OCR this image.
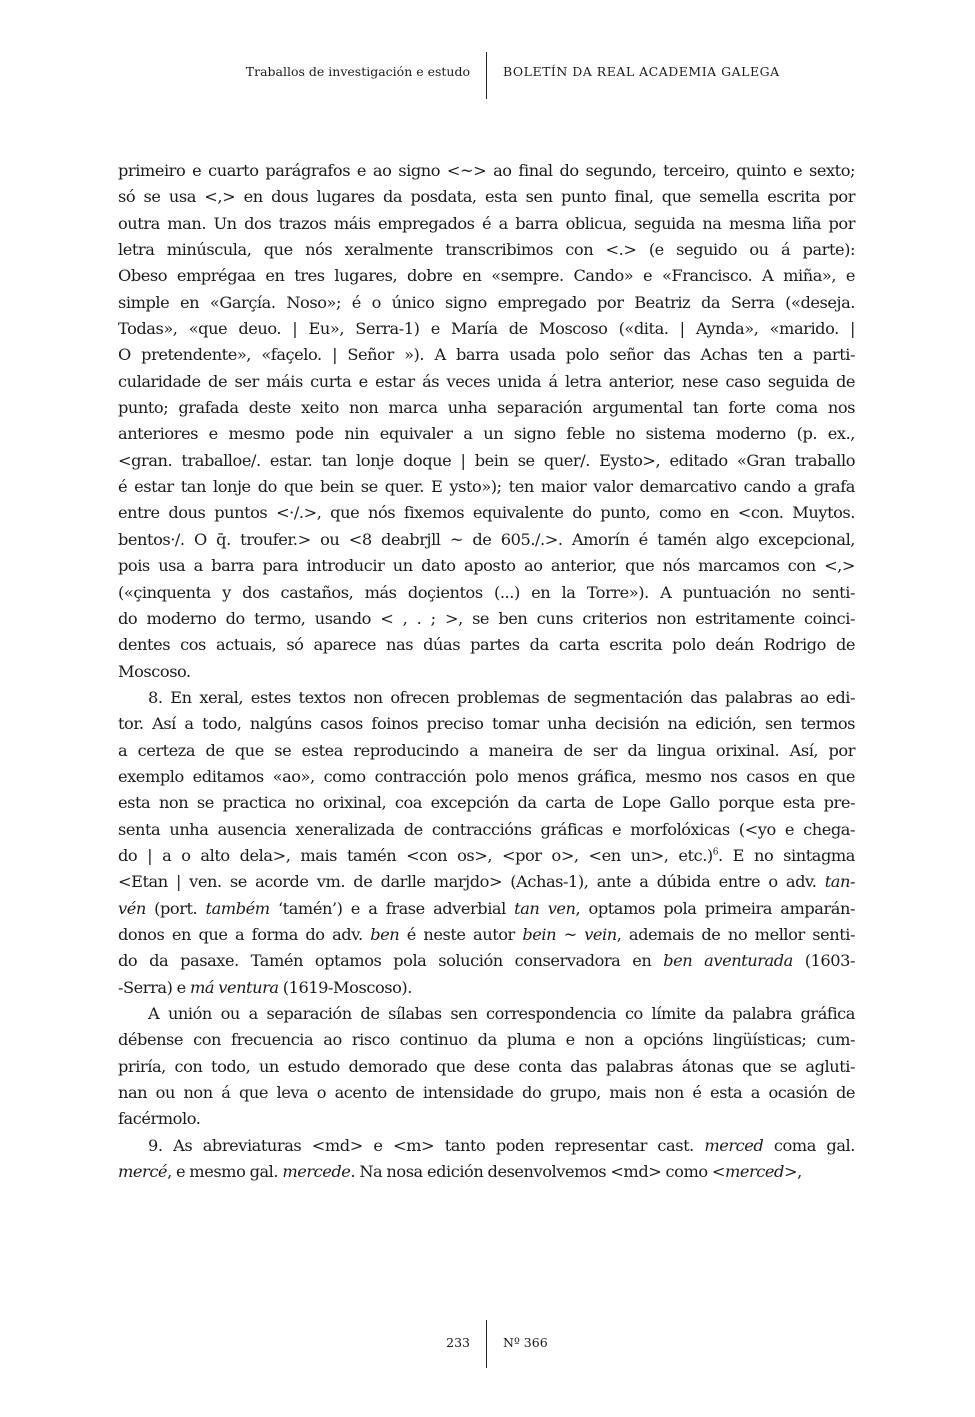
Traballos de investigación e estudo	BOLETÍN DA REAL ACADEMIA GALEGA
primeiro e cuarto parágrafos e ao signo <~> ao final do segundo, terceiro, quinto e sexto;
só se usa <,> en dous lugares da posdata, esta sen punto final, que semella escrita por
outra man. Un dos trazos máis empregados é a barra oblicua, seguida na mesma liña por
letra minúscula, que nós xeralmente transcribimos con <.> (e seguido ou á parte):
Obeso emprégaa en tres lugares, dobre en «sempre. Cando» e «Francisco. A miña», e
simple en «Garçía. Noso»; é o único signo empregado por Beatriz da Serra («deseja.
Todas», «que deuo. | Eu», Serra-1) e María de Moscoso («dita. | Aynda», «marido. |
O pretendente», «façelo. | Señor »). A barra usada polo señor das Achas ten a parti-
cularidade de ser máis curta e estar ás veces unida á letra anterior, nese caso seguida de
punto; grafada deste xeito non marca unha separación argumental tan forte coma nos
anteriores e mesmo pode nin equivaler a un signo feble no sistema moderno (p. ex.,
<gran. traballoe/. estar. tan lonje doque | bein se quer/. Eysto>, editado «Gran traballo
é estar tan lonje do que bein se quer. E ysto»); ten maior valor demarcativo cando a grafa
entre dous puntos <·/.>, que nós fixemos equivalente do punto, como en <con. Muytos.
bentos·/. O q̄. troufer.> ou <8 deabrjll ~ de 605./.>. Amorín é tamén algo excepcional,
pois usa a barra para introducir un dato aposto ao anterior, que nós marcamos con <,>
(«çinquenta y dos castaños, más doçientos (...) en la Torre»). A puntuación no senti-
do moderno do termo, usando < , . ; >, se ben cuns criterios non estritamente coinci-
dentes cos actuais, só aparece nas dúas partes da carta escrita polo deán Rodrigo de
Moscoso.
8. En xeral, estes textos non ofrecen problemas de segmentación das palabras ao edi-
tor. Así a todo, nalgúns casos foinos preciso tomar unha decisión na edición, sen termos
a certeza de que se estea reproducindo a maneira de ser da lingua orixinal. Así, por
exemplo editamos «ao», como contracción polo menos gráfica, mesmo nos casos en que
esta non se practica no orixinal, coa excepción da carta de Lope Gallo porque esta pre-
senta unha ausencia xeneralizada de contraccións gráficas e morfolóxicas (<yo e chega-
do | a o alto dela>, mais tamén <con os>, <por o>, <en un>, etc.)$^6$. E no sintagma
<Etan | ven. se acorde vm. de darlle marjdo> (Achas-1), ante a dúbida entre o adv. tan-
vén (port. também ‘tamén’) e a frase adverbial tan ven, optamos pola primeira amparán-
donos en que a forma do adv. ben é neste autor bein ~ vein, ademais de no mellor senti-
do da pasaxe. Tamén optamos pola solución conservadora en ben aventurada (1603-
-Serra) e má ventura (1619-Moscoso).
A unión ou a separación de sílabas sen correspondencia co límite da palabra gráfica
débense con frecuencia ao risco continuo da pluma e non a opcións lingüísticas; cum-
priría, con todo, un estudo demorado que dese conta das palabras átonas que se agluti-
nan ou non á que leva o acento de intensidade do grupo, mais non é esta a ocasión de
facérmolo.
9. As abreviaturas <md> e <m> tanto poden representar cast. merced coma gal.
mercé, e mesmo gal. mercede. Na nosa edición desenvolvemos <md> como <merced>,
233	Nº 366
